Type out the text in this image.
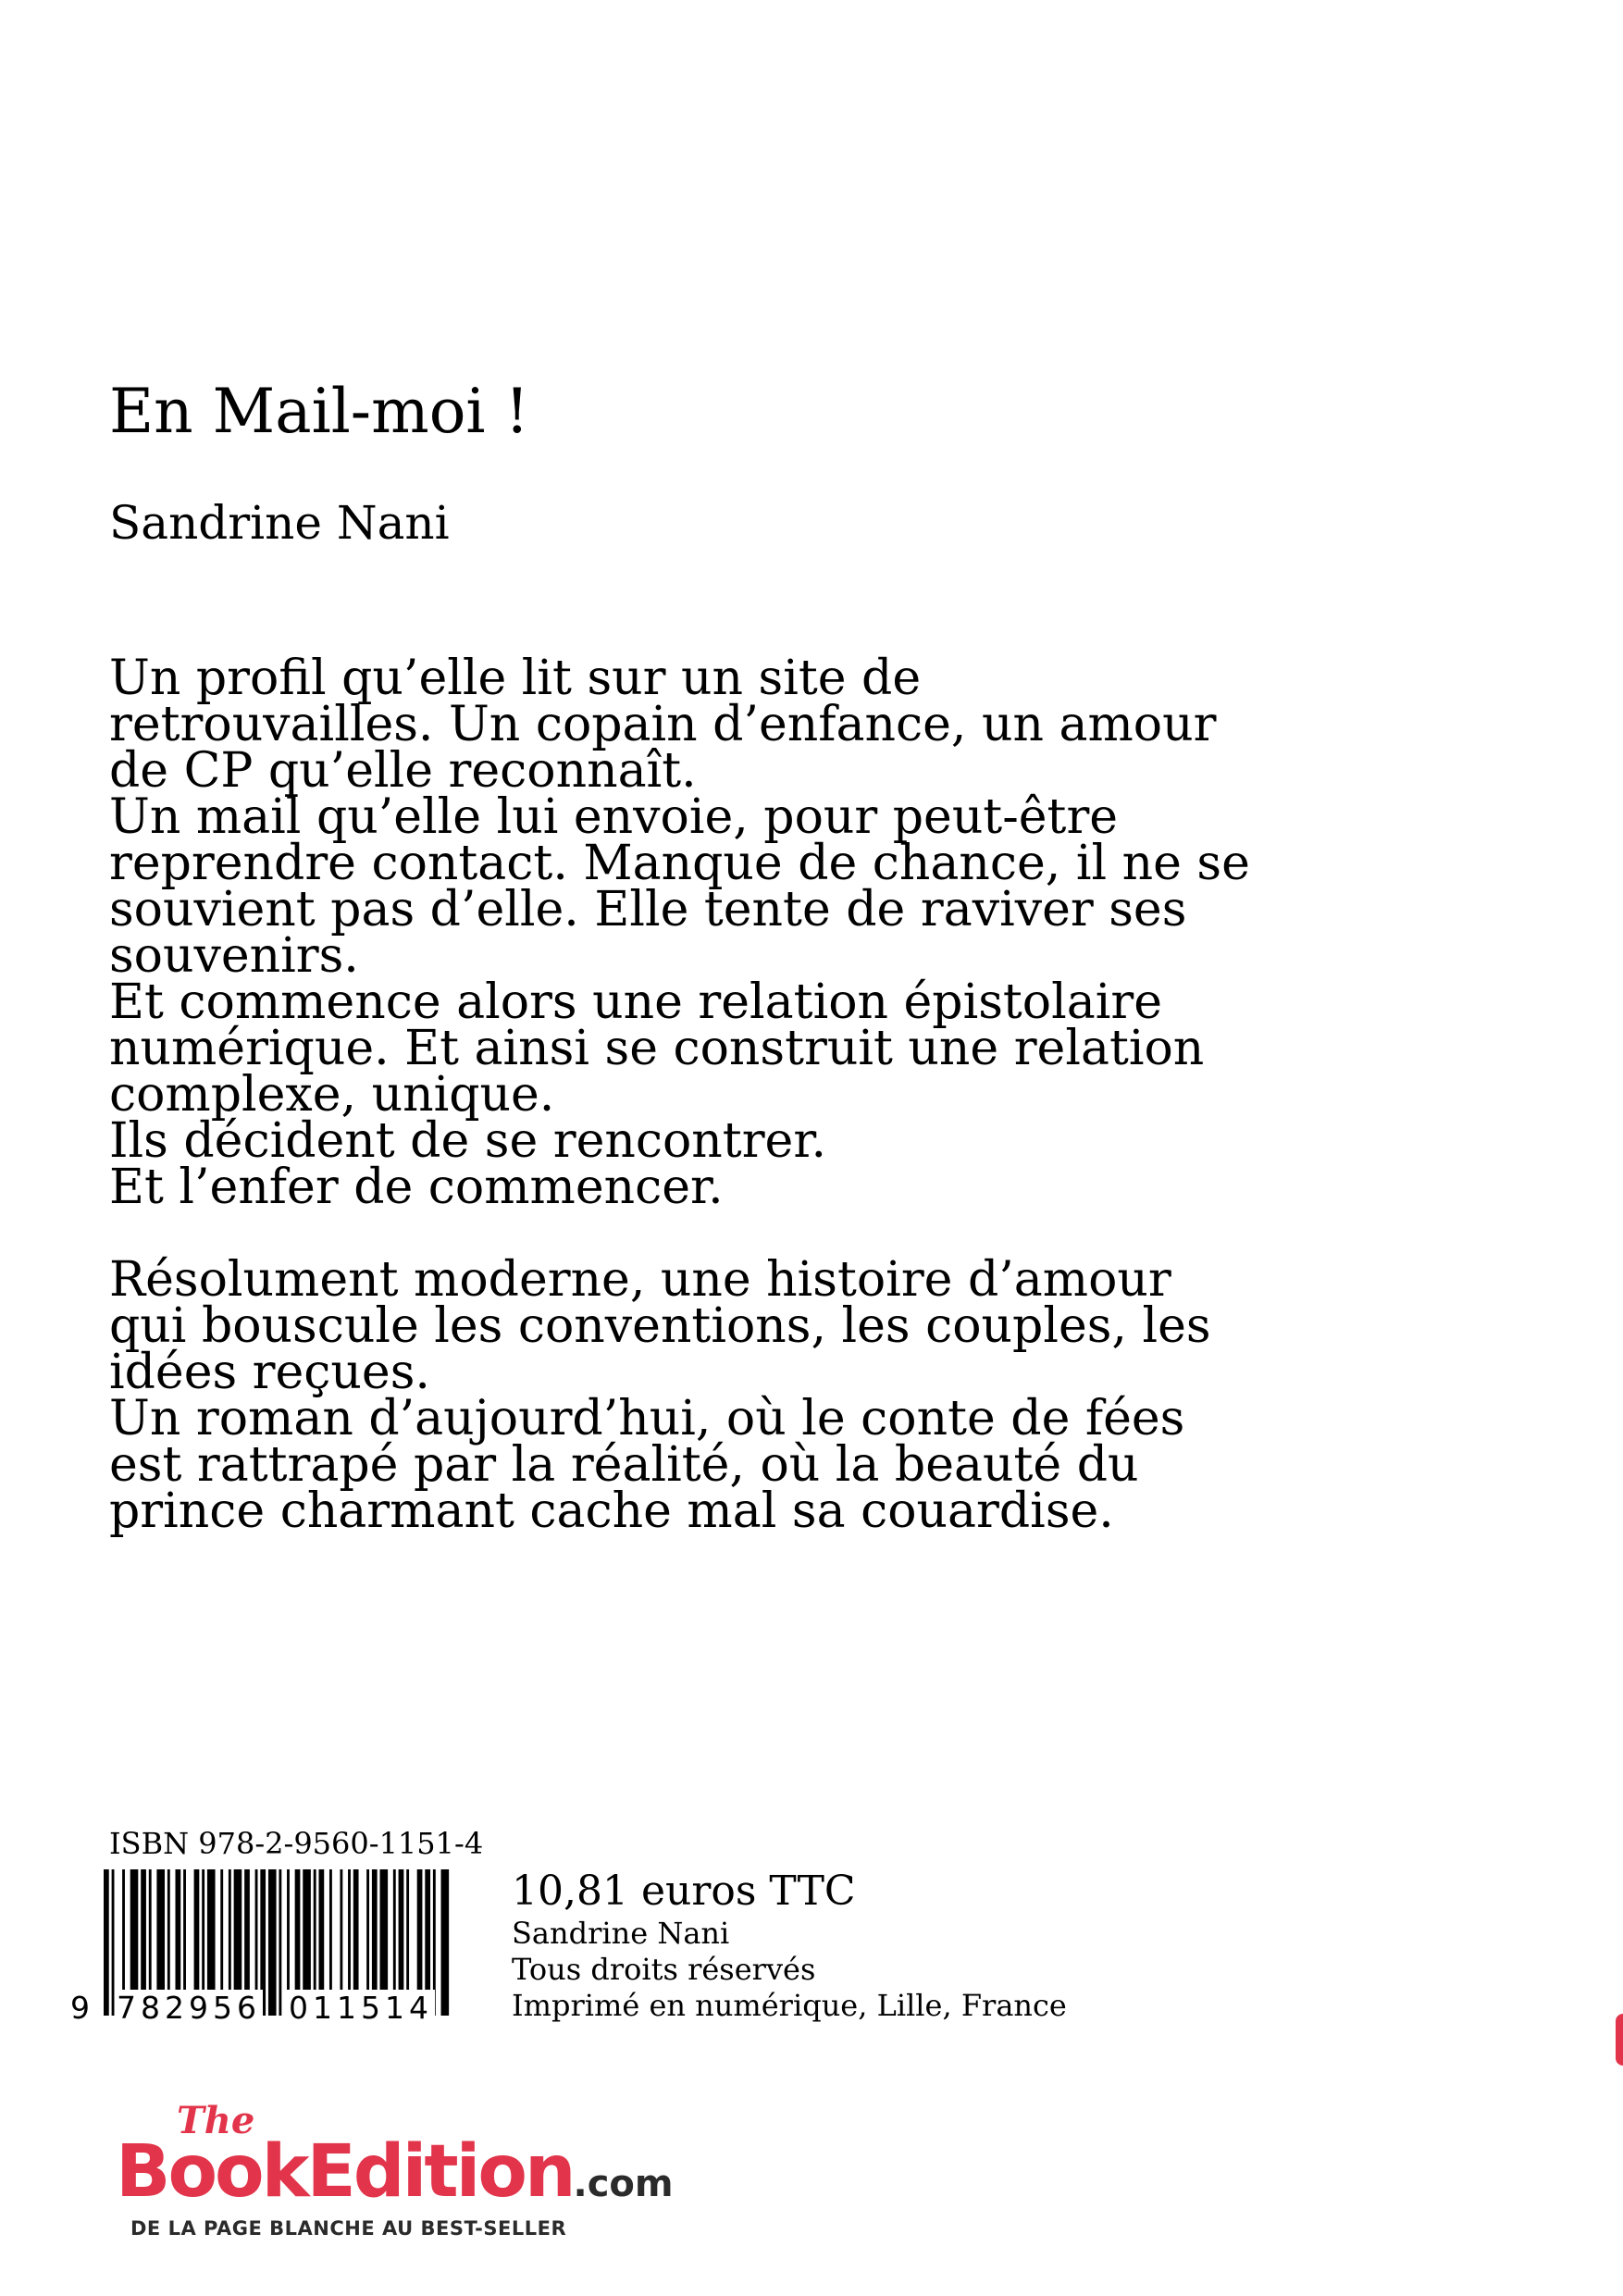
En Mail-moi !
Sandrine Nani

Un profil qu’elle lit sur un site de
retrouvailles. Un copain d’enfance, un amour
de CP qu’elle reconnaît.
Un mail qu’elle lui envoie, pour peut-être
reprendre contact. Manque de chance, il ne se
souvient pas d’elle. Elle tente de raviver ses
souvenirs.
Et commence alors une relation épistolaire
numérique. Et ainsi se construit une relation
complexe, unique.
Ils décident de se rencontrer.
Et l’enfer de commencer.

Résolument moderne, une histoire d’amour
qui bouscule les conventions, les couples, les
idées reçues.
Un roman d’aujourd’hui, où le conte de fées
est rattrapé par la réalité, où la beauté du
prince charmant cache mal sa couardise.

ISBN 978-2-9560-1151-4
9 782956 011514
10,81 euros TTC
Sandrine Nani
Tous droits réservés
Imprimé en numérique, Lille, France
The
BookEdition.com
DE LA PAGE BLANCHE AU BEST-SELLER
